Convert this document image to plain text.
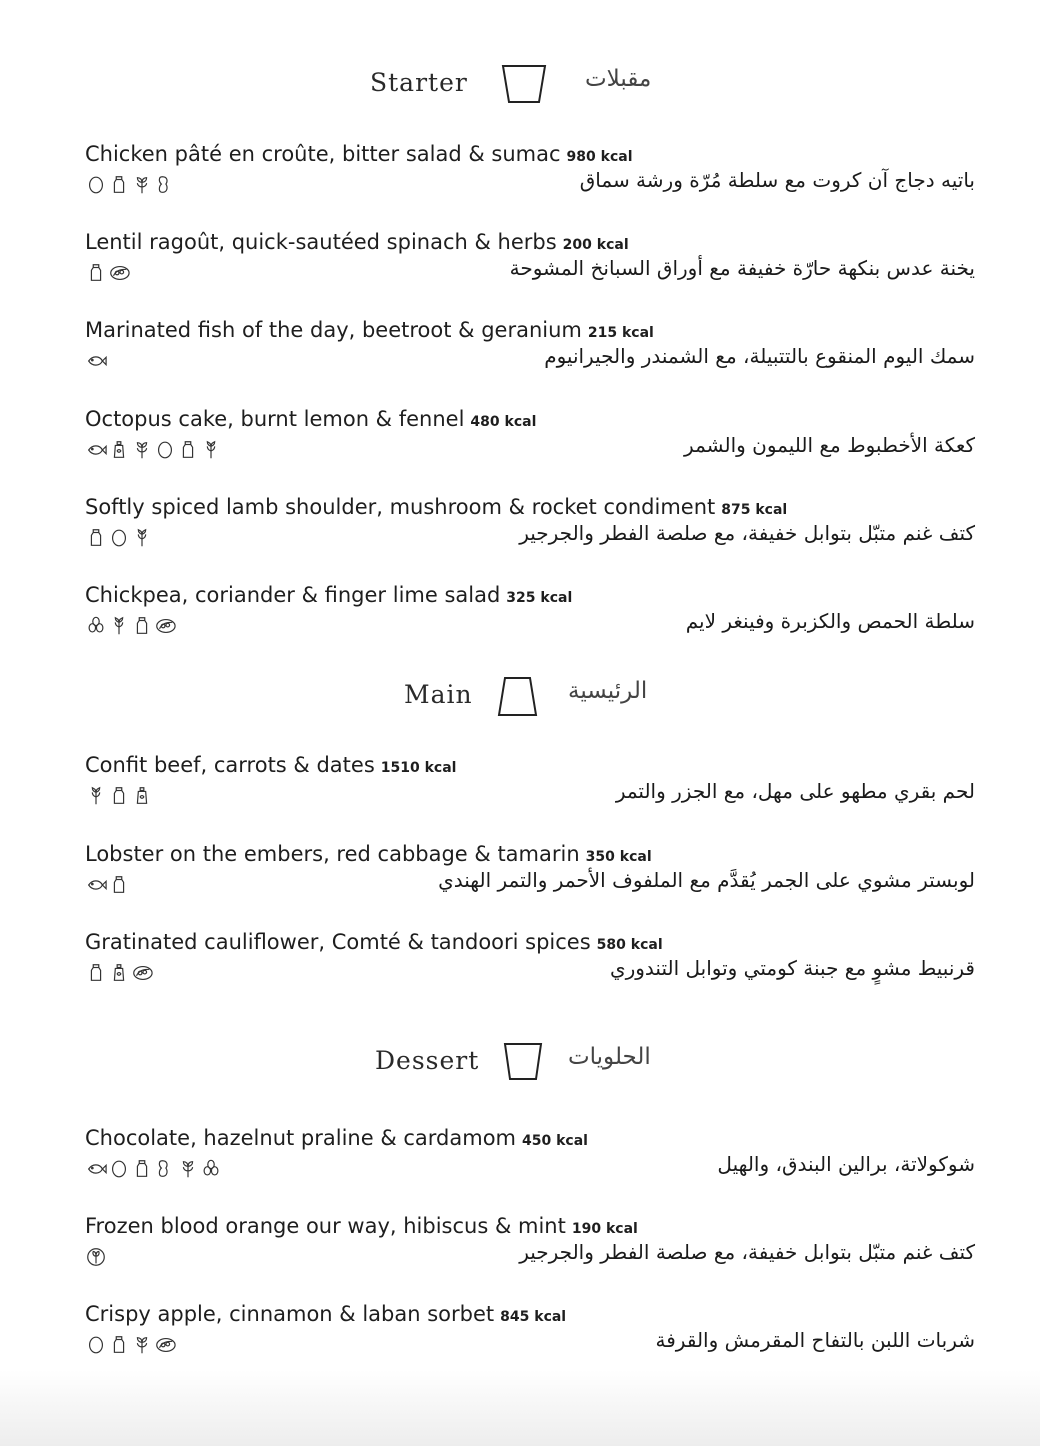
Starter	مقبلات
Main	الرئيسية
Dessert	الحلويات
Chicken pâté en croûte, bitter salad & sumac 980 kcal
باتيه دجاج آن كروت مع سلطة مُرّة ورشة سماق
Lentil ragoût, quick-sautéed spinach & herbs 200 kcal
يخنة عدس بنكهة حارّة خفيفة مع أوراق السبانخ المشوحة
Marinated fish of the day, beetroot & geranium 215 kcal
سمك اليوم المنقوع بالتتبيلة، مع الشمندر والجيرانيوم
Octopus cake, burnt lemon & fennel 480 kcal
كعكة الأخطبوط مع الليمون والشمر
Softly spiced lamb shoulder, mushroom & rocket condiment 875 kcal
كتف غنم متبّل بتوابل خفيفة، مع صلصة الفطر والجرجير
Chickpea, coriander & finger lime salad 325 kcal
سلطة الحمص والكزبرة وفينغر لايم
Confit beef, carrots & dates 1510 kcal
لحم بقري مطهو على مهل، مع الجزر والتمر
Lobster on the embers, red cabbage & tamarin 350 kcal
لوبستر مشوي على الجمر يُقدَّم مع الملفوف الأحمر والتمر الهندي
Gratinated cauliflower, Comté & tandoori spices 580 kcal
قرنبيط مشوٍ مع جبنة كومتي وتوابل التندوري
Chocolate, hazelnut praline & cardamom 450 kcal
شوكولاتة، برالين البندق، والهيل
Frozen blood orange our way, hibiscus & mint 190 kcal
كتف غنم متبّل بتوابل خفيفة، مع صلصة الفطر والجرجير
Crispy apple, cinnamon & laban sorbet 845 kcal
شربات اللبن بالتفاح المقرمش والقرفة
